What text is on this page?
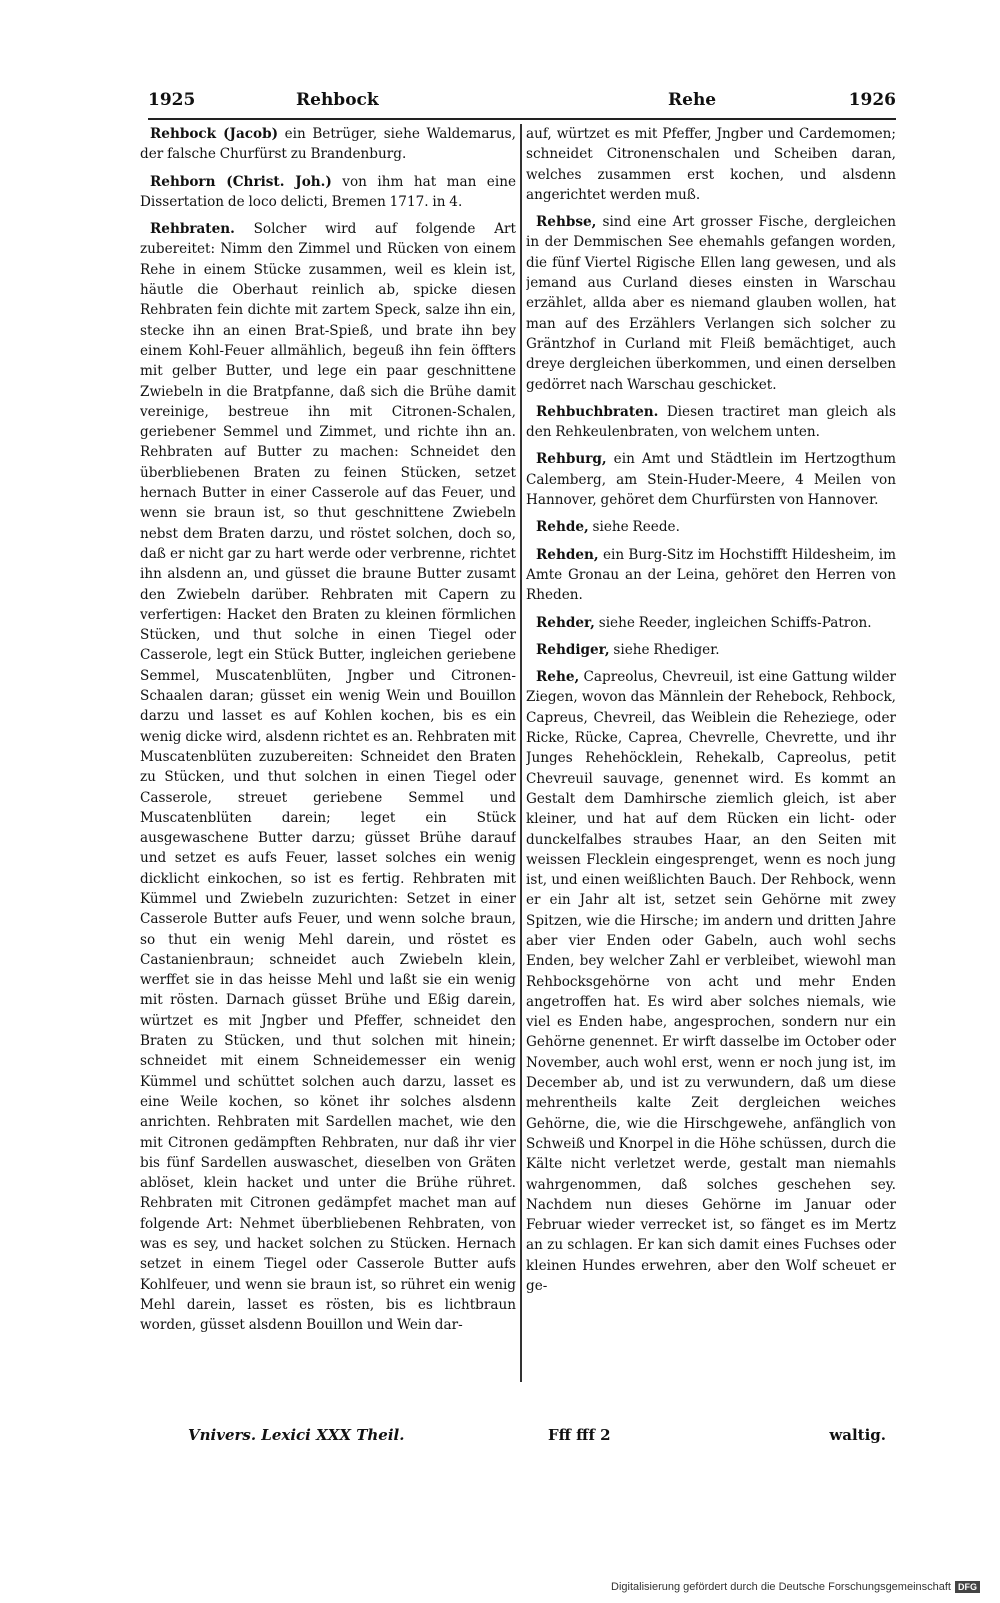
1925	Rehbock	Rehe	1926

Rehbock (Jacob) ein Betrüger, siehe Waldemarus, der falsche Churfürst zu Brandenburg.

Rehborn (Christ. Joh.) von ihm hat man eine Dissertation de loco delicti, Bremen 1717. in 4.

Rehbraten. Solcher wird auf folgende Art zubereitet: Nimm den Zimmel und Rücken von einem Rehe in einem Stücke zusammen, weil es klein ist, häutle die Oberhaut reinlich ab, spicke diesen Rehbraten fein dichte mit zartem Speck, salze ihn ein, stecke ihn an einen Brat-Spieß, und brate ihn bey einem Kohl-Feuer allmählich, begeuß ihn fein öffters mit gelber Butter, und lege ein paar geschnittene Zwiebeln in die Bratpfanne, daß sich die Brühe damit vereinige, bestreue ihn mit Citronen-Schalen, geriebener Semmel und Zimmet, und richte ihn an. Rehbraten auf Butter zu machen: Schneidet den überbliebenen Braten zu feinen Stücken, setzet hernach Butter in einer Casserole auf das Feuer, und wenn sie braun ist, so thut geschnittene Zwiebeln nebst dem Braten darzu, und röstet solchen, doch so, daß er nicht gar zu hart werde oder verbrenne, richtet ihn alsdenn an, und güsset die braune Butter zusamt den Zwiebeln darüber. Rehbraten mit Capern zu verfertigen: Hacket den Braten zu kleinen förmlichen Stücken, und thut solche in einen Tiegel oder Casserole, legt ein Stück Butter, ingleichen geriebene Semmel, Muscatenblüten, Jngber und Citronen-Schaalen daran; güsset ein wenig Wein und Bouillon darzu und lasset es auf Kohlen kochen, bis es ein wenig dicke wird, alsdenn richtet es an. Rehbraten mit Muscatenblüten zuzubereiten: Schneidet den Braten zu Stücken, und thut solchen in einen Tiegel oder Casserole, streuet geriebene Semmel und Muscatenblüten darein; leget ein Stück ausgewaschene Butter darzu; güsset Brühe darauf und setzet es aufs Feuer, lasset solches ein wenig dicklicht einkochen, so ist es fertig. Rehbraten mit Kümmel und Zwiebeln zuzurichten: Setzet in einer Casserole Butter aufs Feuer, und wenn solche braun, so thut ein wenig Mehl darein, und röstet es Castanienbraun; schneidet auch Zwiebeln klein, werffet sie in das heisse Mehl und laßt sie ein wenig mit rösten. Darnach güsset Brühe und Eßig darein, würtzet es mit Jngber und Pfeffer, schneidet den Braten zu Stücken, und thut solchen mit hinein; schneidet mit einem Schneidemesser ein wenig Kümmel und schüttet solchen auch darzu, lasset es eine Weile kochen, so könet ihr solches alsdenn anrichten. Rehbraten mit Sardellen machet, wie den mit Citronen gedämpften Rehbraten, nur daß ihr vier bis fünf Sardellen auswaschet, dieselben von Gräten ablöset, klein hacket und unter die Brühe rühret. Rehbraten mit Citronen gedämpfet machet man auf folgende Art: Nehmet überbliebenen Rehbraten, von was es sey, und hacket solchen zu Stücken. Hernach setzet in einem Tiegel oder Casserole Butter aufs Kohlfeuer, und wenn sie braun ist, so rühret ein wenig Mehl darein, lasset es rösten, bis es lichtbraun worden, güsset alsdenn Bouillon und Wein dar-

auf, würtzet es mit Pfeffer, Jngber und Cardemomen; schneidet Citronenschalen und Scheiben daran, welches zusammen erst kochen, und alsdenn angerichtet werden muß.

Rehbse, sind eine Art grosser Fische, dergleichen in der Demmischen See ehemahls gefangen worden, die fünf Viertel Rigische Ellen lang gewesen, und als jemand aus Curland dieses einsten in Warschau erzählet, allda aber es niemand glauben wollen, hat man auf des Erzählers Verlangen sich solcher zu Gräntzhof in Curland mit Fleiß bemächtiget, auch dreye dergleichen überkommen, und einen derselben gedörret nach Warschau geschicket.

Rehbuchbraten. Diesen tractiret man gleich als den Rehkeulenbraten, von welchem unten.

Rehburg, ein Amt und Städtlein im Hertzogthum Calemberg, am Stein-Huder-Meere, 4 Meilen von Hannover, gehöret dem Churfürsten von Hannover.

Rehde, siehe Reede.

Rehden, ein Burg-Sitz im Hochstifft Hildesheim, im Amte Gronau an der Leina, gehöret den Herren von Rheden.

Rehder, siehe Reeder, ingleichen Schiffs-Patron.

Rehdiger, siehe Rhediger.

Rehe, Capreolus, Chevreuil, ist eine Gattung wilder Ziegen, wovon das Männlein der Rehebock, Rehbock, Capreus, Chevreil, das Weiblein die Reheziege, oder Ricke, Rücke, Caprea, Chevrelle, Chevrette, und ihr Junges Rehehöcklein, Rehekalb, Capreolus, petit Chevreuil sauvage, genennet wird. Es kommt an Gestalt dem Damhirsche ziemlich gleich, ist aber kleiner, und hat auf dem Rücken ein licht- oder dunckelfalbes straubes Haar, an den Seiten mit weissen Flecklein eingesprenget, wenn es noch jung ist, und einen weißlichten Bauch. Der Rehbock, wenn er ein Jahr alt ist, setzet sein Gehörne mit zwey Spitzen, wie die Hirsche; im andern und dritten Jahre aber vier Enden oder Gabeln, auch wohl sechs Enden, bey welcher Zahl er verbleibet, wiewohl man Rehbocksgehörne von acht und mehr Enden angetroffen hat. Es wird aber solches niemals, wie viel es Enden habe, angesprochen, sondern nur ein Gehörne genennet. Er wirft dasselbe im October oder November, auch wohl erst, wenn er noch jung ist, im December ab, und ist zu verwundern, daß um diese mehrentheils kalte Zeit dergleichen weiches Gehörne, die, wie die Hirschgewehe, anfänglich von Schweiß und Knorpel in die Höhe schüssen, durch die Kälte nicht verletzet werde, gestalt man niemahls wahrgenommen, daß solches geschehen sey. Nachdem nun dieses Gehörne im Januar oder Februar wieder verrecket ist, so fänget es im Mertz an zu schlagen. Er kan sich damit eines Fuchses oder kleinen Hundes erwehren, aber den Wolf scheuet er ge-

Vnivers. Lexici XXX Theil.	Fff fff 2	waltig.
Digitalisierung gefördert durch die Deutsche Forschungsgemeinschaft DFG
